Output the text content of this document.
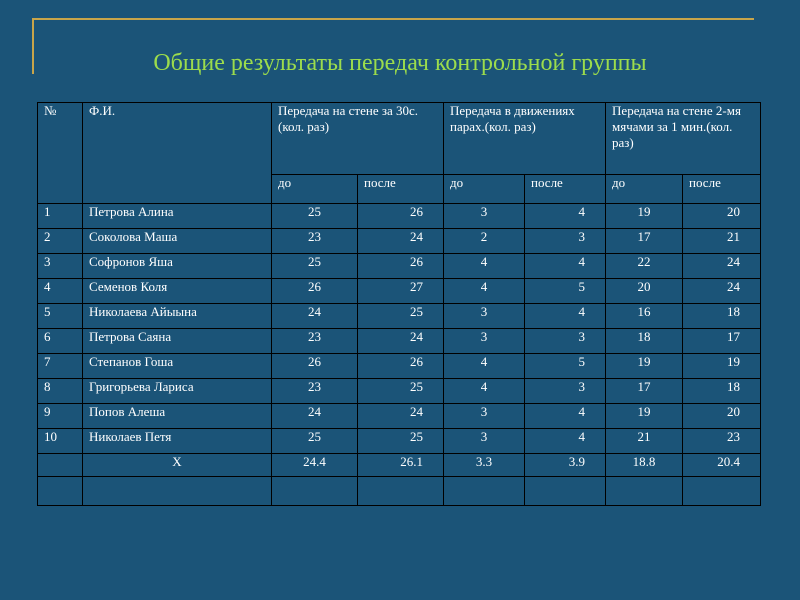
Общие результаты передач контрольной группы
№	Ф.И.	Передача на стене за 30с.(кол. раз)		Передача в движениях парах.(кол. раз)		Передача на стене 2-мя мячами за 1 мин.(кол. раз)	
		до	после	до	после	до	после
1	Петрова Алина	25	26	3	4	19	20
2	Соколова Маша	23	24	2	3	17	21
3	Софронов Яша	25	26	4	4	22	24
4	Семенов Коля	26	27	4	5	20	24
5	Николаева Айыына	24	25	3	4	16	18
6	Петрова Саяна	23	24	3	3	18	17
7	Степанов Гоша	26	26	4	5	19	19
8	Григорьева Лариса	23	25	4	3	17	18
9	Попов Алеша	24	24	3	4	19	20
10	Николаев Петя	25	25	3	4	21	23
	Х	24.4	26.1	3.3	3.9	18.8	20.4
